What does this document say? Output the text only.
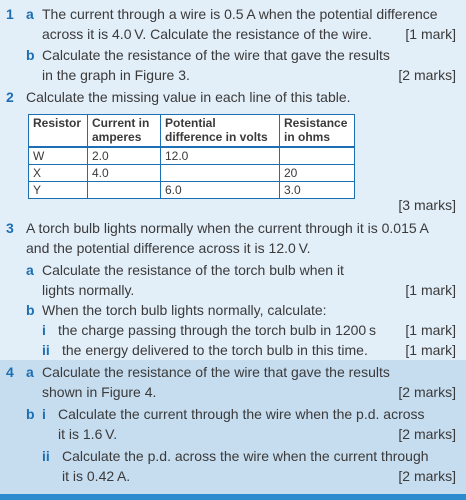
1 a The current through a wire is 0.5 A when the potential difference
across it is 4.0 V. Calculate the resistance of the wire. [1 mark]
b Calculate the resistance of the wire that gave the results
in the graph in Figure 3.	[2 marks]
2 Calculate the missing value in each line of this table.
Resistor	Current in amperes	Potential difference in volts	Resistance in ohms
W	2.0	12.0	
X	4.0		20
Y		6.0	3.0
[3 marks]
3 A torch bulb lights normally when the current through it is 0.015 A
and the potential difference across it is 12.0 V.
a Calculate the resistance of the torch bulb when it
lights normally.	[1 mark]
b When the torch bulb lights normally, calculate:
i the charge passing through the torch bulb in 1200 s [1 mark]
ii the energy delivered to the torch bulb in this time.	[1 mark]
4 a Calculate the resistance of the wire that gave the results
shown in Figure 4.	[2 marks]
b i Calculate the current through the wire when the p.d. across
it is 1.6 V.	[2 marks]
ii Calculate the p.d. across the wire when the current through
it is 0.42 A.	[2 marks]
